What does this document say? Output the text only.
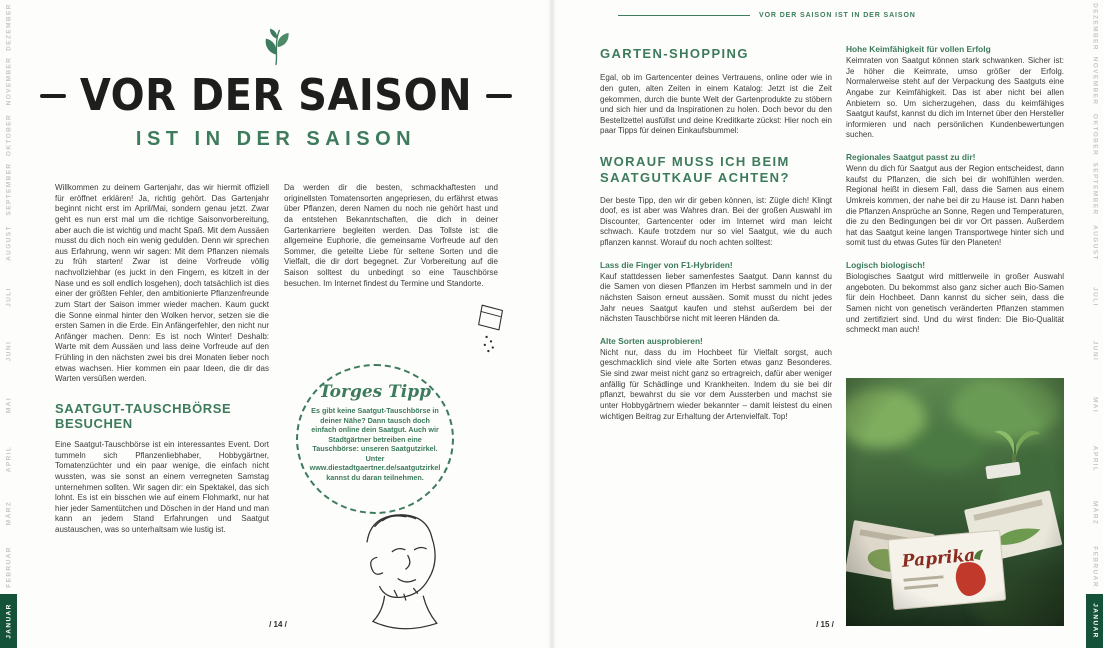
DEZEMBER
NOVEMBER
OKTOBER
SEPTEMBER
AUGUST
JULI
JUNI
MAI
APRIL
MÄRZ
FEBRUAR
JANUAR
DEZEMBER
NOVEMBER
OKTOBER
SEPTEMBER
AUGUST
JULI
JUNI
MAI
APRIL
MÄRZ
FEBRUAR
JANUAR
VOR DER SAISON IST IN DER SAISON
VOR DER SAISON
IST IN DER SAISON

Willkommen zu deinem Gartenjahr, das wir hiermit offiziell für eröffnet erklären! Ja, richtig gehört. Das Gartenjahr beginnt nicht erst im April/Mai, sondern genau jetzt. Zwar geht es nun erst mal um die richtige Saisonvorbereitung, aber auch die ist wichtig und macht Spaß. Mit dem Aussäen musst du dich noch ein wenig gedulden. Denn wir sprechen aus Erfahrung, wenn wir sagen: Mit dem Pflanzen niemals zu früh starten! Zwar ist deine Vorfreude völlig nachvollziehbar (es juckt in den Fingern, es kitzelt in der Nase und es soll endlich losgehen), doch tatsächlich ist dies einer der größten Fehler, den ambitionierte Pflanzenfreunde zum Start der Saison immer wieder machen. Kaum guckt die Sonne einmal hinter den Wolken hervor, setzen sie die ersten Samen in die Erde. Ein Anfängerfehler, den nicht nur Anfänger machen. Denn: Es ist noch Winter! Deshalb: Warte mit dem Aussäen und lass deine Vorfreude auf den Frühling in den nächsten zwei bis drei Monaten lieber noch etwas wachsen. Hier kommen ein paar Ideen, die dir das Warten versüßen werden.

SAATGUT-TAUSCHBÖRSE BESUCHEN

Eine Saatgut-Tauschbörse ist ein interessantes Event. Dort tummeln sich Pflanzenliebhaber, Hobbygärtner, Tomatenzüchter und ein paar wenige, die einfach nicht wussten, was sie sonst an einem verregneten Samstag unternehmen sollten. Wir sagen dir: ein Spektakel, das sich lohnt. Es ist ein bisschen wie auf einem Flohmarkt, nur hat hier jeder Samentütchen und Döschen in der Hand und man kann an jedem Stand Erfahrungen und Saatgut austauschen, was so unterhaltsam wie lustig ist.

Da werden dir die besten, schmackhaftesten und originellsten Tomatensorten angepriesen, du erfährst etwas über Pflanzen, deren Namen du noch nie gehört hast und da entstehen Bekanntschaften, die dich in deiner Gartenkarriere begleiten werden. Das Tollste ist: die allgemeine Euphorie, die gemeinsame Vorfreude auf den Sommer, die geteilte Liebe für seltene Sorten und die Vielfalt, die dir dort begegnet. Zur Vorbereitung auf die Saison solltest du unbedingt so eine Tauschbörse besuchen. Im Internet findest du Termine und Standorte.

Torges Tipp
Es gibt keine Saatgut-Tauschbörse in deiner Nähe? Dann tausch doch einfach online dein Saatgut. Auch wir Stadtgärtner betreiben eine Tauschbörse: unseren Saatgutzirkel. Unter www.diestadtgaertner.de/saatgutzirkel kannst du daran teilnehmen.
/ 14 /
GARTEN-SHOPPING

Egal, ob im Gartencenter deines Vertrauens, online oder wie in den guten, alten Zeiten in einem Katalog: Jetzt ist die Zeit gekommen, durch die bunte Welt der Gartenprodukte zu stöbern und sich hier und da Inspirationen zu holen. Doch bevor du den Bestellzettel ausfüllst und deine Kreditkarte zückst: Hier noch ein paar Tipps für deinen Einkaufsbummel:

WORAUF MUSS ICH BEIM SAATGUTKAUF ACHTEN?

Der beste Tipp, den wir dir geben können, ist: Zügle dich! Klingt doof, es ist aber was Wahres dran. Bei der großen Auswahl im Discounter, Gartencenter oder im Internet wird man leicht schwach. Kaufe trotzdem nur so viel Saatgut, wie du auch pflanzen kannst. Worauf du noch achten solltest:

Lass die Finger von F1-Hybriden!

Kauf stattdessen lieber samenfestes Saatgut. Dann kannst du die Samen von diesen Pflanzen im Herbst sammeln und in der nächsten Saison erneut aussäen. Somit musst du nicht jedes Jahr neues Saatgut kaufen und stehst außerdem bei der nächsten Tauschbörse nicht mit leeren Händen da.

Alte Sorten ausprobieren!

Nicht nur, dass du im Hochbeet für Vielfalt sorgst, auch geschmacklich sind viele alte Sorten etwas ganz Besonderes. Sie sind zwar meist nicht ganz so ertragreich, dafür aber weniger anfällig für Schädlinge und Krankheiten. Indem du sie bei dir pflanzt, bewahrst du sie vor dem Aussterben und machst sie unter Hobbygärtnern wieder bekannter – damit leistest du einen wichtigen Beitrag zur Erhaltung der Artenvielfalt. Top!

Hohe Keimfähigkeit für vollen Erfolg

Keimraten von Saatgut können stark schwanken. Sicher ist: Je höher die Keimrate, umso größer der Erfolg. Normalerweise steht auf der Verpackung des Saatguts eine Angabe zur Keimfähigkeit. Das ist aber nicht bei allen Anbietern so. Um sicherzugehen, dass du keimfähiges Saatgut kaufst, kannst du dich im Internet über den Hersteller informieren und nach persönlichen Kundenbewertungen suchen.

Regionales Saatgut passt zu dir!

Wenn du dich für Saatgut aus der Region entscheidest, dann kaufst du Pflanzen, die sich bei dir wohlfühlen werden. Regional heißt in diesem Fall, dass die Samen aus einem Umkreis kommen, der nahe bei dir zu Hause ist. Dann haben die Pflanzen Ansprüche an Sonne, Regen und Temperaturen, die zu den Bedingungen bei dir vor Ort passen. Außerdem hat das Saatgut keine langen Transportwege hinter sich und somit tust du etwas Gutes für den Planeten!

Logisch biologisch!

Biologisches Saatgut wird mittlerweile in großer Auswahl angeboten. Du bekommst also ganz sicher auch Bio-Samen für dein Hochbeet. Dann kannst du sicher sein, dass die Samen nicht von genetisch veränderten Pflanzen stammen und zertifiziert sind. Und du wirst finden: Die Bio-Qualität schmeckt man auch!

/ 15 /
